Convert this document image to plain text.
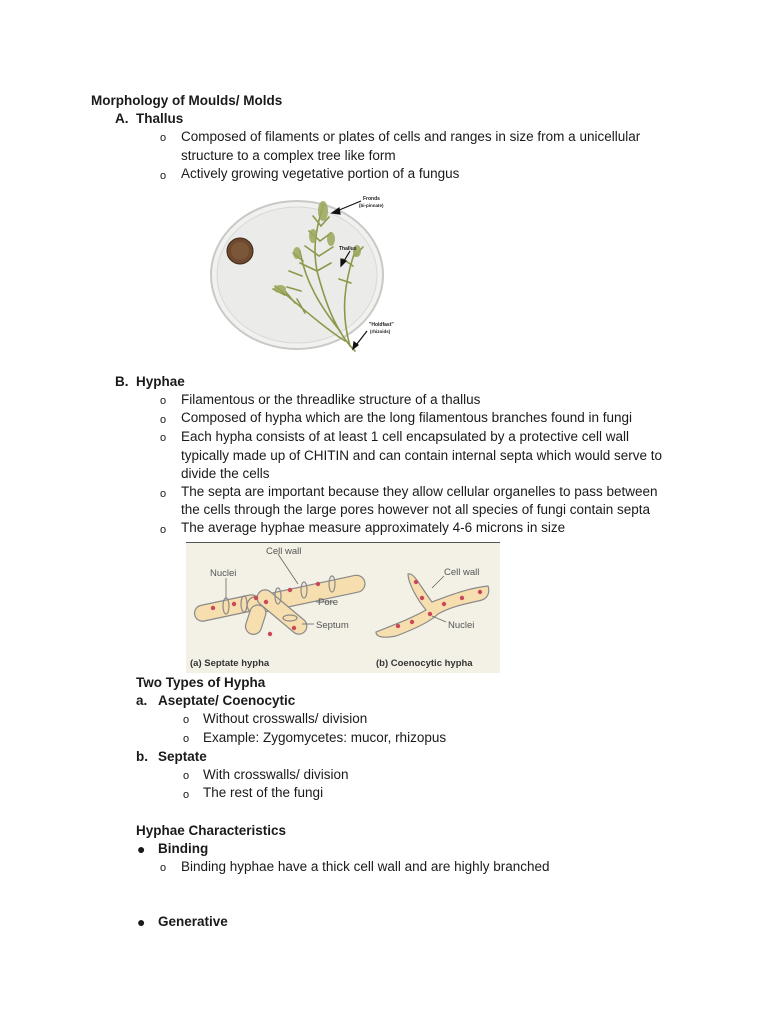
Morphology of Moulds/ Molds
A. Thallus
o Composed of filaments or plates of cells and ranges in size from a unicellular
structure to a complex tree like form
o Actively growing vegetative portion of a fungus
Fronds
(bi-pinnate)
Thallus
"Holdfast"
(rhizoids)
B. Hyphae
o Filamentous or the threadlike structure of a thallus
o Composed of hypha which are the long filamentous branches found in fungi
o Each hypha consists of at least 1 cell encapsulated by a protective cell wall
typically made up of CHITIN and can contain internal septa which would serve to
divide the cells
o The septa are important because they allow cellular organelles to pass between
the cells through the large pores however not all species of fungi contain septa
o The average hyphae measure approximately 4-6 microns in size
Cell wall
Nuclei
Pore
Septum
(a) Septate hypha
Cell wall
Nuclei
(b) Coenocytic hypha
Two Types of Hypha
a. Aseptate/ Coenocytic
o Without crosswalls/ division
o Example: Zygomycetes: mucor, rhizopus
b. Septate
o With crosswalls/ division
o The rest of the fungi
Hyphae Characteristics
● Binding
o Binding hyphae have a thick cell wall and are highly branched
● Generative
